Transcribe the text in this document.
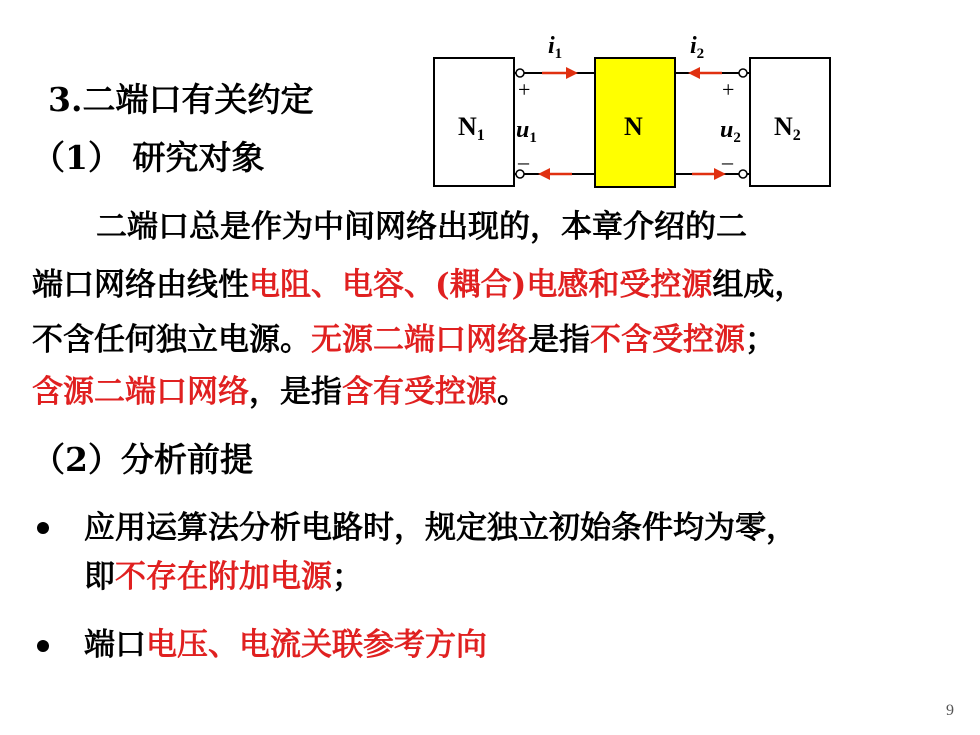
3.二端口有关约定
（1） 研究对象
N1	N	N2
$i_1$	$i_2$
+
$u_1$
–
+
$u_2$
–
二端口总是作为中间网络出现的，本章介绍的二
端口网络由线性电阻、电容、(耦合)电感和受控源组成，
不含任何独立电源。无源二端口网络是指不含受控源；
含源二端口网络，是指含有受控源。
（2）分析前提
应用运算法分析电路时，规定独立初始条件均为零，
即不存在附加电源；
端口电压、电流关联参考方向
9
